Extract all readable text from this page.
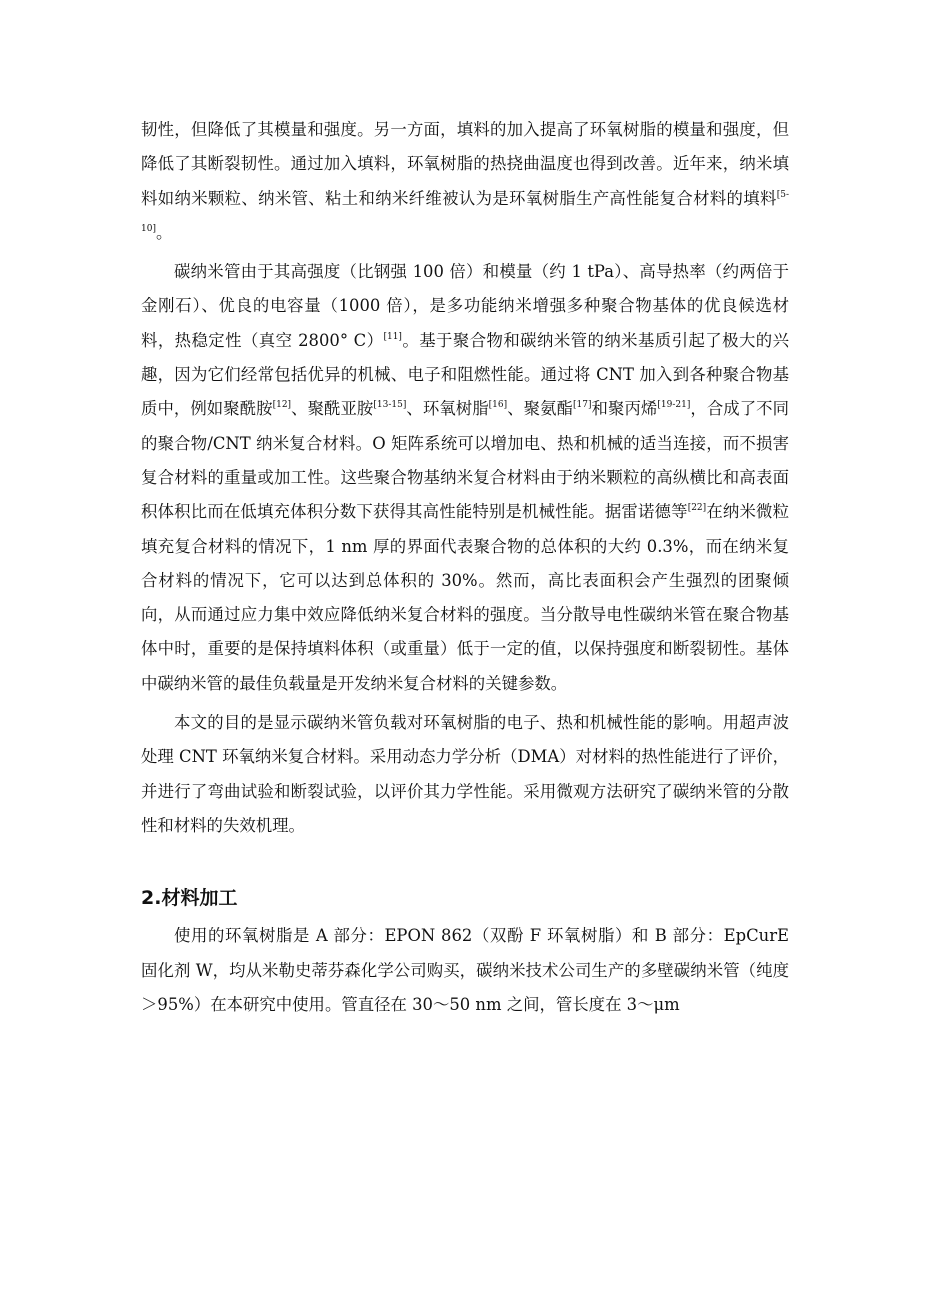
韧性，但降低了其模量和强度。另一方面，填料的加入提高了环氧树脂的模量和强度，但降低了其断裂韧性。通过加入填料，环氧树脂的热挠曲温度也得到改善。近年来，纳米填料如纳米颗粒、纳米管、粘土和纳米纤维被认为是环氧树脂生产高性能复合材料的填料[5-10]。

碳纳米管由于其高强度（比钢强 100 倍）和模量（约 1 tPa）、高导热率（约两倍于金刚石）、优良的电容量（1000 倍），是多功能纳米增强多种聚合物基体的优良候选材料，热稳定性（真空 2800° C）[11]。基于聚合物和碳纳米管的纳米基质引起了极大的兴趣，因为它们经常包括优异的机械、电子和阻燃性能。通过将 CNT 加入到各种聚合物基质中，例如聚酰胺[12]、聚酰亚胺[13-15]、环氧树脂[16]、聚氨酯[17]和聚丙烯[19-21]，合成了不同的聚合物/CNT 纳米复合材料。O 矩阵系统可以增加电、热和机械的适当连接，而不损害复合材料的重量或加工性。这些聚合物基纳米复合材料由于纳米颗粒的高纵横比和高表面积体积比而在低填充体积分数下获得其高性能特别是机械性能。据雷诺德等[22]在纳米微粒填充复合材料的情况下，1 nm 厚的界面代表聚合物的总体积的大约 0.3%，而在纳米复合材料的情况下，它可以达到总体积的 30%。然而，高比表面积会产生强烈的团聚倾向，从而通过应力集中效应降低纳米复合材料的强度。当分散导电性碳纳米管在聚合物基体中时，重要的是保持填料体积（或重量）低于一定的值，以保持强度和断裂韧性。基体中碳纳米管的最佳负载量是开发纳米复合材料的关键参数。

本文的目的是显示碳纳米管负载对环氧树脂的电子、热和机械性能的影响。用超声波处理 CNT 环氧纳米复合材料。采用动态力学分析（DMA）对材料的热性能进行了评价，并进行了弯曲试验和断裂试验，以评价其力学性能。采用微观方法研究了碳纳米管的分散性和材料的失效机理。

2.材料加工

使用的环氧树脂是 A 部分：EPON 862（双酚 F 环氧树脂）和 B 部分：EpCurE 固化剂 W，均从米勒史蒂芬森化学公司购买，碳纳米技术公司生产的多壁碳纳米管（纯度＞95%）在本研究中使用。管直径在 30～50 nm 之间，管长度在 3～μm
